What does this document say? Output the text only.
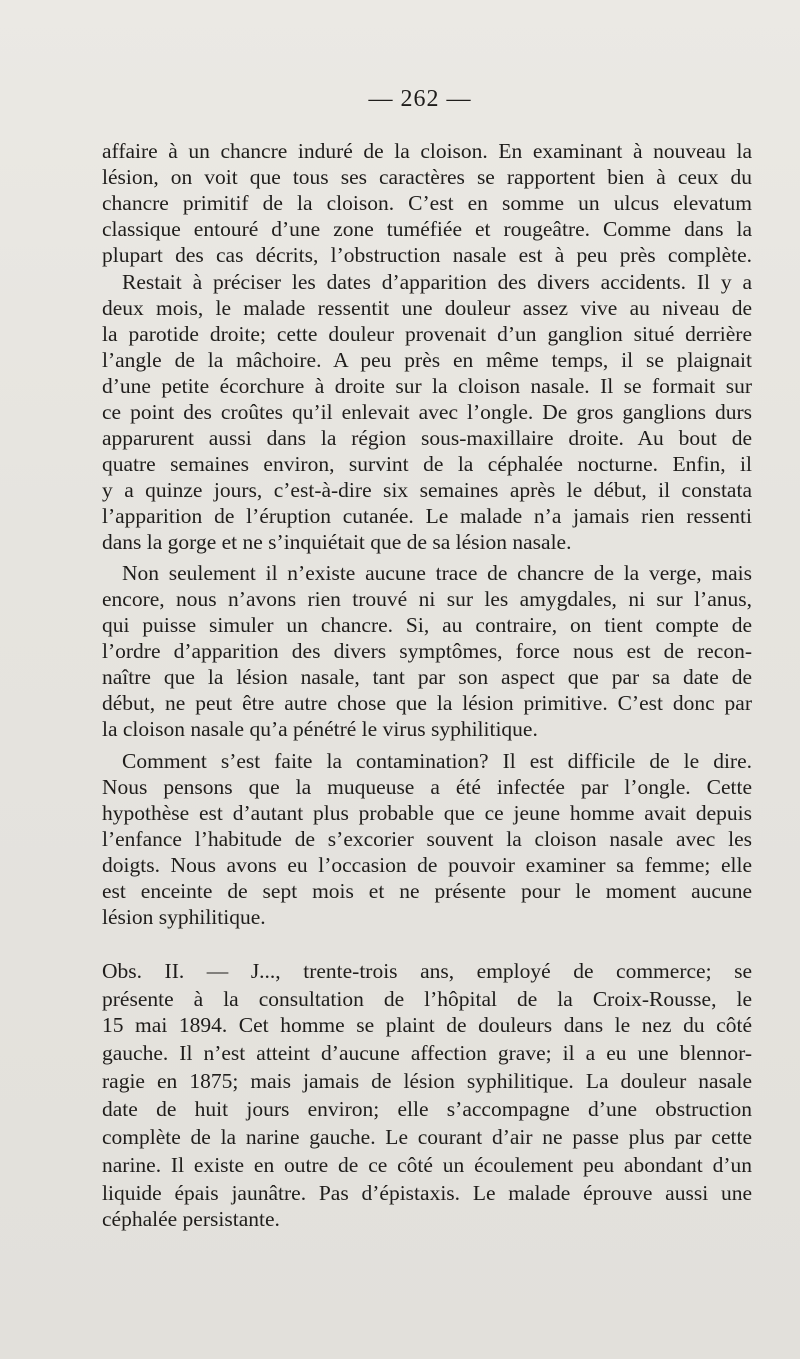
— 262 —
affaire à un chancre induré de la cloison. En examinant à nouveau la
lésion, on voit que tous ses caractères se rapportent bien à ceux du
chancre primitif de la cloison. C’est en somme un ulcus elevatum
classique entouré d’une zone tuméfiée et rougeâtre. Comme dans la
plupart des cas décrits, l’obstruction nasale est à peu près complète.
Restait à préciser les dates d’apparition des divers accidents. Il y a
deux mois, le malade ressentit une douleur assez vive au niveau de
la parotide droite; cette douleur provenait d’un ganglion situé derrière
l’angle de la mâchoire. A peu près en même temps, il se plaignait
d’une petite écorchure à droite sur la cloison nasale. Il se formait sur
ce point des croûtes qu’il enlevait avec l’ongle. De gros ganglions durs
apparurent aussi dans la région sous-maxillaire droite. Au bout de
quatre semaines environ, survint de la céphalée nocturne. Enfin, il
y a quinze jours, c’est-à-dire six semaines après le début, il constata
l’apparition de l’éruption cutanée. Le malade n’a jamais rien ressenti
dans la gorge et ne s’inquiétait que de sa lésion nasale.
Non seulement il n’existe aucune trace de chancre de la verge, mais
encore, nous n’avons rien trouvé ni sur les amygdales, ni sur l’anus,
qui puisse simuler un chancre. Si, au contraire, on tient compte de
l’ordre d’apparition des divers symptômes, force nous est de recon-
naître que la lésion nasale, tant par son aspect que par sa date de
début, ne peut être autre chose que la lésion primitive. C’est donc par
la cloison nasale qu’a pénétré le virus syphilitique.
Comment s’est faite la contamination? Il est difficile de le dire.
Nous pensons que la muqueuse a été infectée par l’ongle. Cette
hypothèse est d’autant plus probable que ce jeune homme avait depuis
l’enfance l’habitude de s’excorier souvent la cloison nasale avec les
doigts. Nous avons eu l’occasion de pouvoir examiner sa femme; elle
est enceinte de sept mois et ne présente pour le moment aucune
lésion syphilitique.
Obs. II. — J..., trente-trois ans, employé de commerce; se
présente à la consultation de l’hôpital de la Croix-Rousse, le
15 mai 1894. Cet homme se plaint de douleurs dans le nez du côté
gauche. Il n’est atteint d’aucune affection grave; il a eu une blennor-
ragie en 1875; mais jamais de lésion syphilitique. La douleur nasale
date de huit jours environ; elle s’accompagne d’une obstruction
complète de la narine gauche. Le courant d’air ne passe plus par cette
narine. Il existe en outre de ce côté un écoulement peu abondant d’un
liquide épais jaunâtre. Pas d’épistaxis. Le malade éprouve aussi une
céphalée persistante.
